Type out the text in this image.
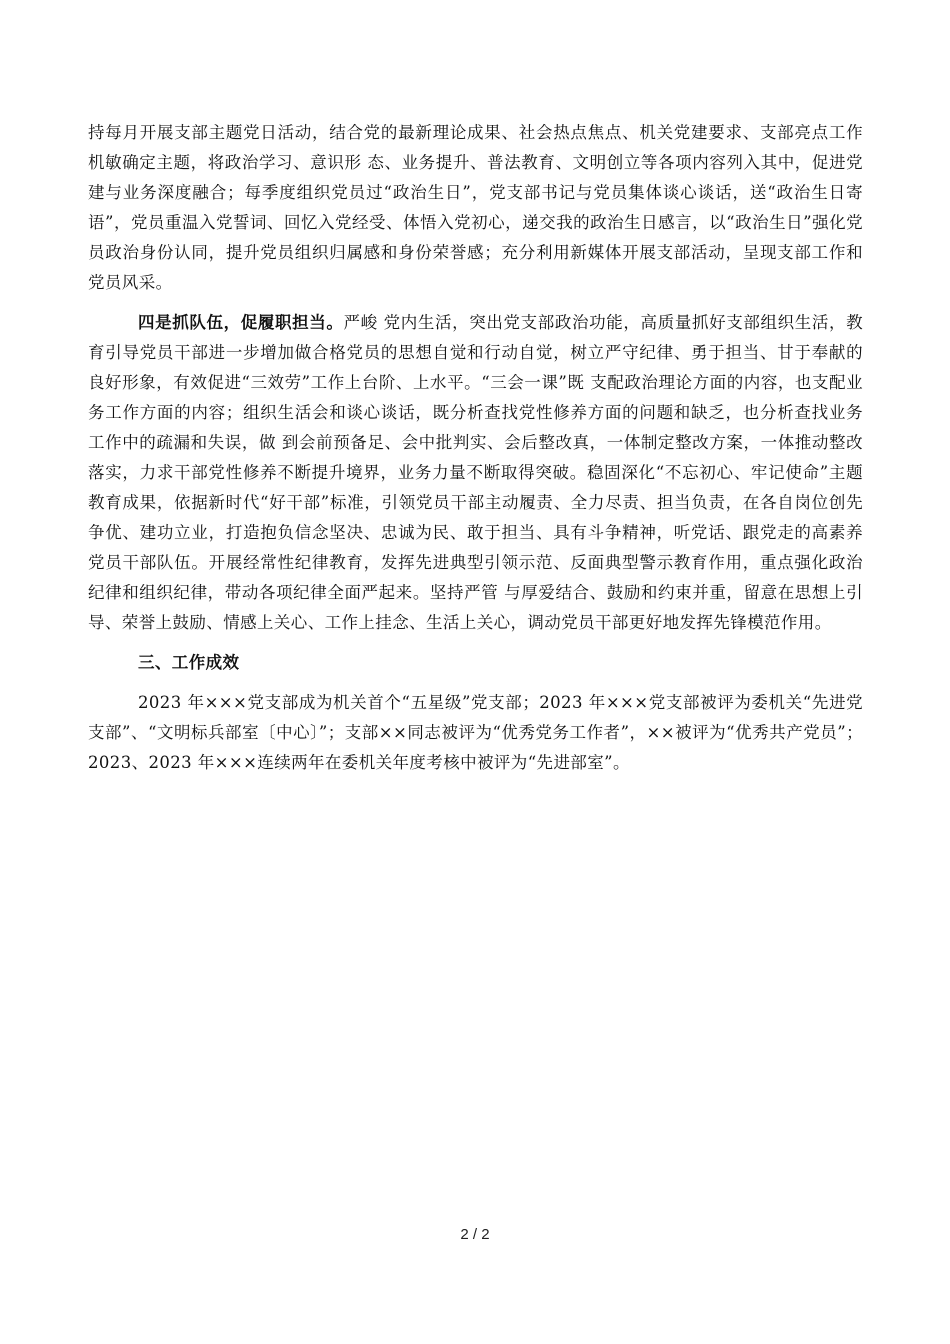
持每月开展支部主题党日活动，结合党的最新理论成果、社会热点焦点、机关党建要求、支部亮点工作机敏确定主题，将政治学习、意识形 态、业务提升、普法教育、文明创立等各项内容列入其中，促进党建与业务深度融合；每季度组织党员过“政治生日”，党支部书记与党员集体谈心谈话，送“政治生日寄语”，党员重温入党誓词、回忆入党经受、体悟入党初心，递交我的政治生日感言，以“政治生日”强化党员政治身份认同，提升党员组织归属感和身份荣誉感；充分利用新媒体开展支部活动，呈现支部工作和党员风采。

四是抓队伍，促履职担当。严峻 党内生活，突出党支部政治功能，高质量抓好支部组织生活，教育引导党员干部进一步增加做合格党员的思想自觉和行动自觉，树立严守纪律、勇于担当、甘于奉献的良好形象，有效促进“三效劳”工作上台阶、上水平。“三会一课”既 支配政治理论方面的内容，也支配业务工作方面的内容；组织生活会和谈心谈话，既分析查找党性修养方面的问题和缺乏，也分析查找业务工作中的疏漏和失误，做 到会前预备足、会中批判实、会后整改真，一体制定整改方案，一体推动整改落实，力求干部党性修养不断提升境界，业务力量不断取得突破。稳固深化“不忘初心、牢记使命”主题教育成果，依据新时代“好干部”标准，引领党员干部主动履责、全力尽责、担当负责，在各自岗位创先争优、建功立业，打造抱负信念坚决、忠诚为民、敢于担当、具有斗争精神，听党话、跟党走的高素养党员干部队伍。开展经常性纪律教育，发挥先进典型引领示范、反面典型警示教育作用，重点强化政治纪律和组织纪律，带动各项纪律全面严起来。坚持严管 与厚爱结合、鼓励和约束并重，留意在思想上引导、荣誉上鼓励、情感上关心、工作上挂念、生活上关心，调动党员干部更好地发挥先锋模范作用。

三、工作成效

2023 年×××党支部成为机关首个“五星级”党支部；2023 年×××党支部被评为委机关“先进党支部”、“文明标兵部室〔中心〕”；支部××同志被评为“优秀党务工作者”，××被评为“优秀共产党员”；2023、2023 年×××连续两年在委机关年度考核中被评为“先进部室”。

2 / 2
